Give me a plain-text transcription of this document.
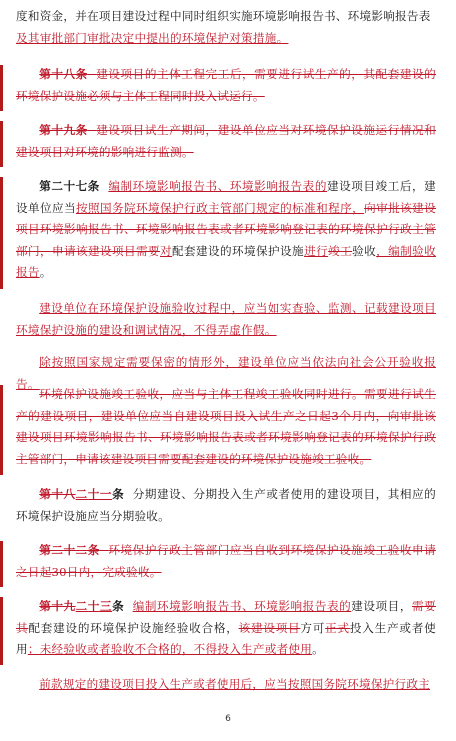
度和资金，并在项目建设过程中同时组织实施环境影响报告书、环境影响报告表
及其审批部门审批决定中提出的环境保护对策措施。
第十八条 建设项目的主体工程完工后，需要进行试生产的，其配套建设的环境保护设施必须与主体工程同时投入试运行。
第十九条 建设项目试生产期间，建设单位应当对环境保护设施运行情况和建设项目对环境的影响进行监测。
第二十七条 编制环境影响报告书、环境影响报告表的建设项目竣工后，建设单位应当按照国务院环境保护行政主管部门规定的标准和程序，向审批该建设项目环境影响报告书、环境影响报告表或者环境影响登记表的环境保护行政主管部门，申请该建设项目需要对配套建设的环境保护设施进行竣工验收，编制验收报告。
建设单位在环境保护设施验收过程中，应当如实查验、监测、记载建设项目环境保护设施的建设和调试情况，不得弄虚作假。
除按照国家规定需要保密的情形外，建设单位应当依法向社会公开验收报告。
环境保护设施竣工验收，应当与主体工程竣工验收同时进行。需要进行试生产的建设项目，建设单位应当自建设项目投入试生产之日起3个月内，向审批该建设项目环境影响报告书、环境影响报告表或者环境影响登记表的环境保护行政主管部门，申请该建设项目需要配套建设的环境保护设施竣工验收。
第十八二十一条 分期建设、分期投入生产或者使用的建设项目，其相应的环境保护设施应当分期验收。
第二十二条 环境保护行政主管部门应当自收到环境保护设施竣工验收申请之日起30日内，完成验收。
第十九二十三条 编制环境影响报告书、环境影响报告表的建设项目，需要其配套建设的环境保护设施经验收合格，该建设项目方可正式投入生产或者使用；未经验收或者验收不合格的，不得投入生产或者使用。
前款规定的建设项目投入生产或者使用后，应当按照国务院环境保护行政主
6
